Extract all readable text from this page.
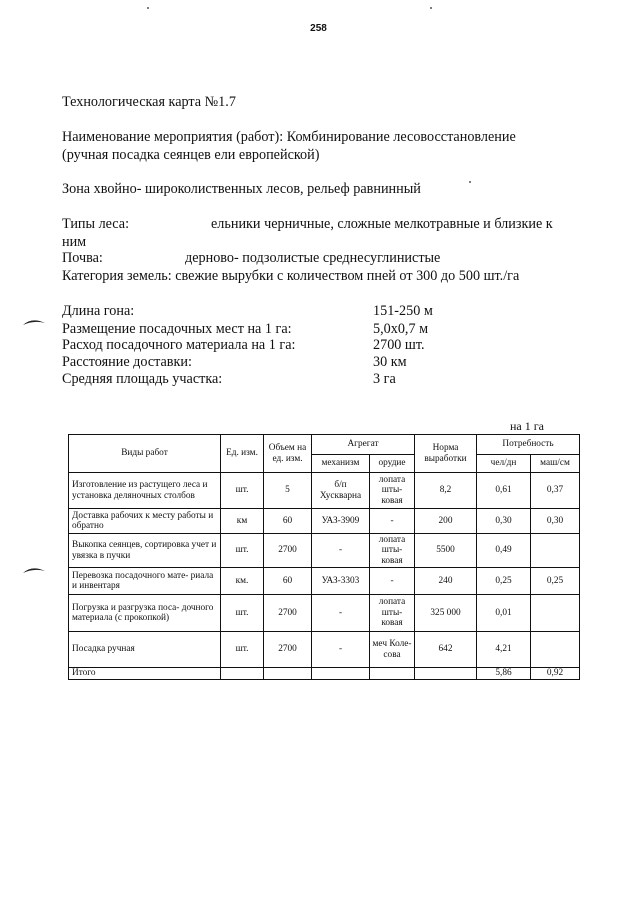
258
Технологическая карта №1.7
Наименование мероприятия (работ): Комбинирование лесовосстановление
(ручная посадка сеянцев ели европейской)
Зона хвойно- широколиственных лесов, рельеф равнинный
Типы леса:	ельники черничные, сложные мелкотравные и близкие к
ним
Почва:	дерново- подзолистые среднесуглинистые
Категория земель: свежие вырубки с количеством пней от 300 до 500 шт./га
Длина гона:	151-250 м
Размещение посадочных мест на 1 га:	5,0х0,7 м
Расход посадочного материала на 1 га:	2700 шт.
Расстояние доставки:	30 км
Средняя площадь участка:	3 га
на 1 га
Виды работ	Ед. изм.	Объем на ед. изм.	Агрегат		Норма выработки	Потребность	
			механизм	орудие		чел/дн	маш/см
Изготовление из растущего леса и установка деляночных столбов	шт.	5	б/п Хускварна	лопата шты- ковая	8,2	0,61	0,37
Доставка рабочих к месту работы и обратно	км	60	УАЗ-3909	-	200	0,30	0,30
Выкопка сеянцев, сортировка учет и увязка в пучки	шт.	2700	-	лопата шты- ковая	5500	0,49	
Перевозка посадочного мате- риала и инвентаря	км.	60	УАЗ-3303	-	240	0,25	0,25
Погрузка и разгрузка поса- дочного материала (с прокопкой)	шт.	2700	-	лопата шты- ковая	325 000	0,01	
Посадка ручная	шт.	2700	-	меч Коле- сова	642	4,21	
Итого						5,86	0,92
